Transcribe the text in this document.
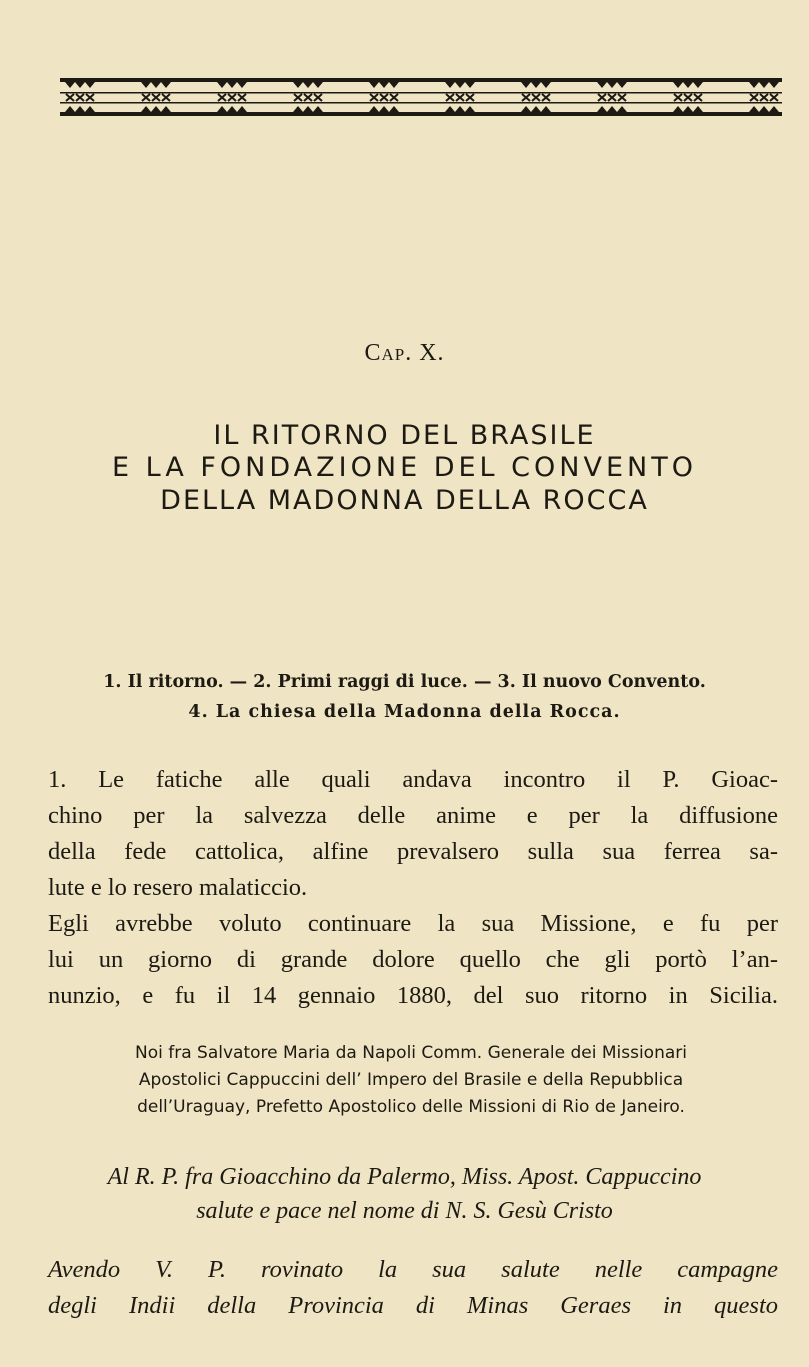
Cap. X.
IL RITORNO DEL BRASILE
E LA FONDAZIONE DEL CONVENTO
DELLA MADONNA DELLA ROCCA
1. Il ritorno. — 2. Primi raggi di luce. — 3. Il nuovo Convento.
4. La chiesa della Madonna della Rocca.
1. Le fatiche alle quali andava incontro il P. Gioac-
chino per la salvezza delle anime e per la diffusione
della fede cattolica, alfine prevalsero sulla sua ferrea sa-
lute e lo resero malaticcio.
Egli avrebbe voluto continuare la sua Missione, e fu per
lui un giorno di grande dolore quello che gli portò l’an-
nunzio, e fu il 14 gennaio 1880, del suo ritorno in Sicilia.
Noi fra Salvatore Maria da Napoli Comm. Generale dei Missionari
Apostolici Cappuccini dell’ Impero del Brasile e della Repubblica
dell’Uraguay, Prefetto Apostolico delle Missioni di Rio de Janeiro.
Al R. P. fra Gioacchino da Palermo, Miss. Apost. Cappuccino
salute e pace nel nome di N. S. Gesù Cristo
Avendo V. P. rovinato la sua salute nelle campagne
degli Indii della Provincia di Minas Geraes in questo
